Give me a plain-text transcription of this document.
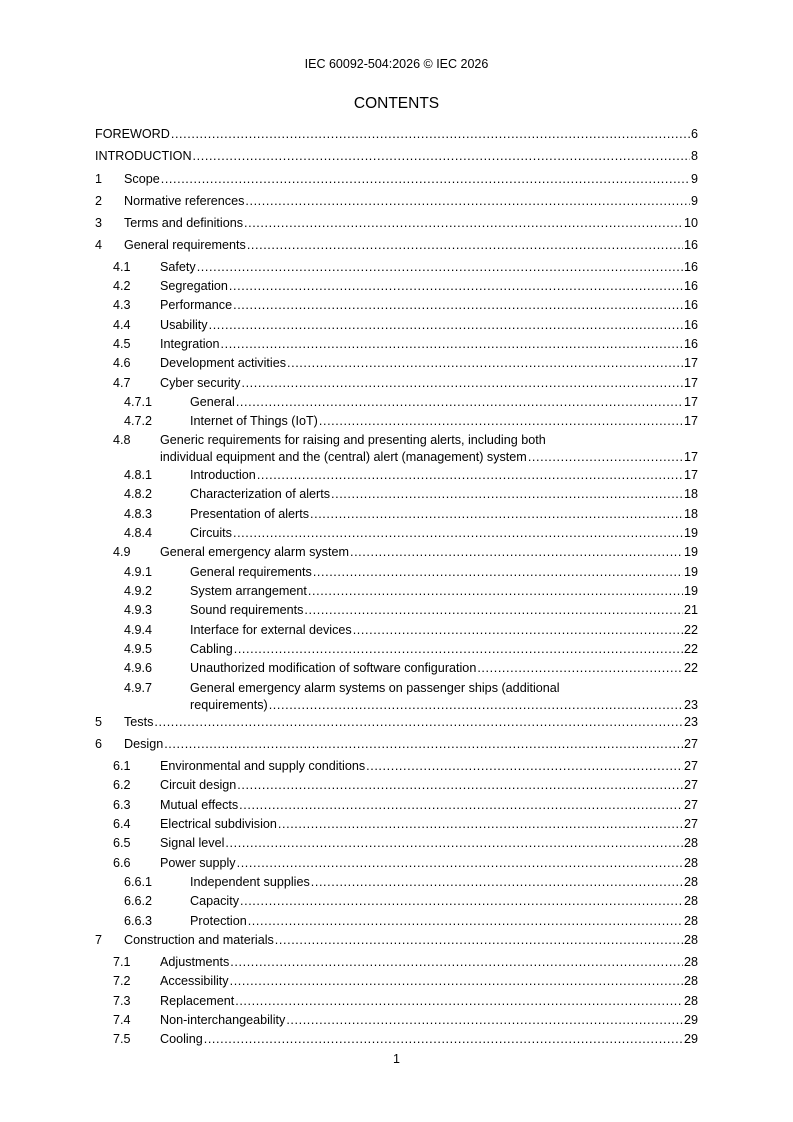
IEC 60092-504:2026 © IEC 2026
CONTENTS
FOREWORD .....	6
INTRODUCTION .....	8
1 Scope .....	9
2 Normative references .....	9
3 Terms and definitions .....	10
4 General requirements .....	16
4.1 Safety .....	16
4.2 Segregation .....	16
4.3 Performance .....	16
4.4 Usability .....	16
4.5 Integration .....	16
4.6 Development activities .....	17
4.7 Cyber security .....	17
4.7.1	General .....	17
4.7.2	Internet of Things (IoT) .....	17
4.8 Generic requirements for raising and presenting alerts, including both
individual equipment and the (central) alert (management) system .....	17
4.8.1	Introduction .....	17
4.8.2	Characterization of alerts .....	18
4.8.3	Presentation of alerts .....	18
4.8.4	Circuits .....	19
4.9 General emergency alarm system .....	19
4.9.1	General requirements .....	19
4.9.2	System arrangement .....	19
4.9.3	Sound requirements .....	21
4.9.4	Interface for external devices .....	22
4.9.5	Cabling .....	22
4.9.6	Unauthorized modification of software configuration .....	22
4.9.7	General emergency alarm systems on passenger ships (additional
requirements) .....	23
5 Tests .....	23
6 Design .....	27
6.1 Environmental and supply conditions .....	27
6.2 Circuit design .....	27
6.3 Mutual effects .....	27
6.4 Electrical subdivision .....	27
6.5 Signal level .....	28
6.6 Power supply .....	28
6.6.1	Independent supplies .....	28
6.6.2	Capacity .....	28
6.6.3	Protection .....	28
7 Construction and materials .....	28
7.1 Adjustments .....	28
7.2 Accessibility .....	28
7.3 Replacement .....	28
7.4 Non-interchangeability .....	29
7.5 Cooling .....	29
1
